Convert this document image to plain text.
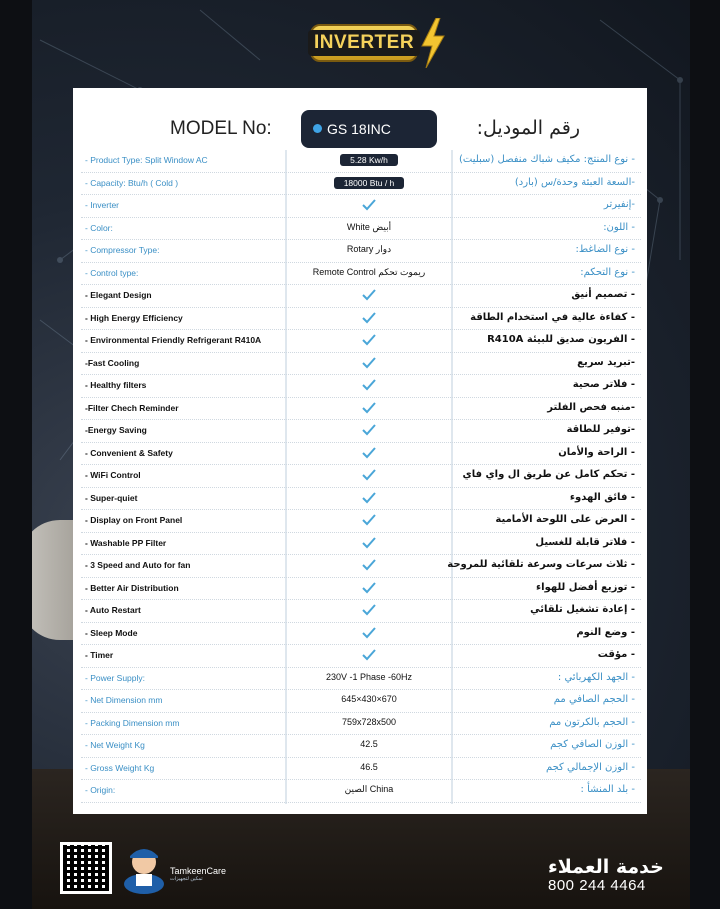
INVERTER
MODEL No:	GS 18INC	رقم الموديل:
- Product Type: Split Window AC	5.28 Kw/h	- نوع المنتج: مكيف شباك منفصل (سبليت)
- Capacity: Btu/h ( Cold )	18000 Btu / h	-السعة العبئة وحدة/س (بارد)
- Inverter	-إنفيرتر
- Color:	White أبيض	- اللون:
- Compressor Type:	Rotary دوار	- نوع الضاغط:
- Control type:	Remote Control ريموت تحكم	- نوع التحكم:
- Elegant Design	- تصميم أنيق
- High Energy Efficiency	- كفاءة عالية في استخدام الطاقة
- Environmental Friendly Refrigerant R410A	- الفريون صديق للبيئة R410A
-Fast Cooling	-تبريد سريع
- Healthy filters	- فلاتر صحية
-Filter Chech Reminder	-منبه فحص الفلتر
-Energy Saving	-توفير للطاقة
- Convenient & Safety	- الراحة والأمان
- WiFi Control	- تحكم كامل عن طريق ال واي فاي
- Super-quiet	- فائق الهدوء
- Display on Front Panel	- العرض على اللوحة الأمامية
- Washable PP Filter	- فلاتر قابلة للغسيل
- 3 Speed and Auto for fan	- ثلاث سرعات وسرعة تلقائية للمروحة
- Better Air Distribution	- توزيع أفضل للهواء
- Auto Restart	- إعادة تشغيل تلقائي
- Sleep Mode	- وضع النوم
- Timer	- مؤقت
- Power Supply:	230V -1 Phase -60Hz	- الجهد الكهربائي :
- Net Dimension mm	645×430×670	- الحجم الصافي مم
- Packing Dimension mm	759x728x500	- الحجم بالكرتون مم
- Net Weight Kg	42.5	- الوزن الصافي كجم
- Gross Weight Kg	46.5	- الوزن الإجمالي كجم
- Origin:	الصين China	- بلد المنشأ :
TamkeenCare
تمكين لتجهيزات
خدمة العملاء
800 244 4464
